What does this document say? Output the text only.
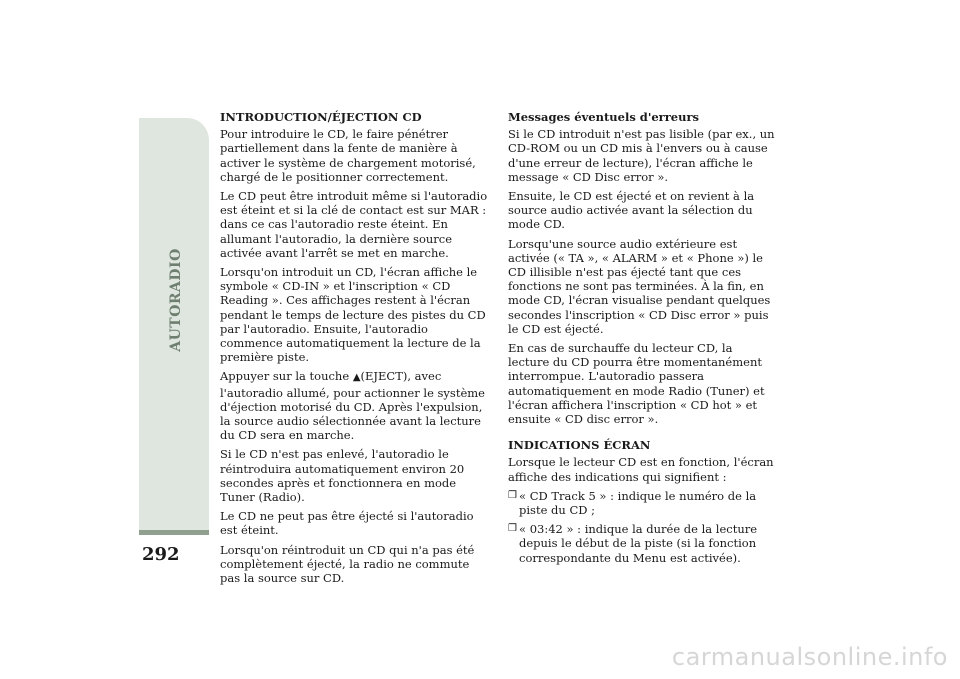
AUTORADIO
292
INTRODUCTION/ÉJECTION CD

Pour introduire le CD, le faire pénétrer partiellement dans la fente de manière à activer le système de chargement motorisé, chargé de le positionner correctement.

Le CD peut être introduit même si l'autoradio est éteint et si la clé de contact est sur MAR : dans ce cas l'autoradio reste éteint. En allumant l'autoradio, la dernière source activée avant l'arrêt se met en marche.

Lorsqu'on introduit un CD, l'écran affiche le symbole « CD-IN » et l'inscription « CD Reading ». Ces affichages restent à l'écran pendant le temps de lecture des pistes du CD par l'autoradio. Ensuite, l'autoradio commence automatiquement la lecture de la première piste.

Appuyer sur la touche ▲(EJECT), avec l'autoradio allumé, pour actionner le système d'éjection motorisé du CD. Après l'expulsion, la source audio sélectionnée avant la lecture du CD sera en marche.

Si le CD n'est pas enlevé, l'autoradio le réintroduira automatiquement environ 20 secondes après et fonctionnera en mode Tuner (Radio).

Le CD ne peut pas être éjecté si l'autoradio est éteint.

Lorsqu'on réintroduit un CD qui n'a pas été complètement éjecté, la radio ne commute pas la source sur CD.

Messages éventuels d'erreurs

Si le CD introduit n'est pas lisible (par ex., un CD-ROM ou un CD mis à l'envers ou à cause d'une erreur de lecture), l'écran affiche le message « CD Disc error ».

Ensuite, le CD est éjecté et on revient à la source audio activée avant la sélection du mode CD.

Lorsqu'une source audio extérieure est activée (« TA », « ALARM » et « Phone ») le CD illisible n'est pas éjecté tant que ces fonctions ne sont pas terminées. À la fin, en mode CD, l'écran visualise pendant quelques secondes l'inscription « CD Disc error » puis le CD est éjecté.

En cas de surchauffe du lecteur CD, la lecture du CD pourra être momentanément interrompue. L'autoradio passera automatiquement en mode Radio (Tuner) et l'écran affichera l'inscription « CD hot » et ensuite « CD disc error ».

INDICATIONS ÉCRAN

Lorsque le lecteur CD est en fonction, l'écran affiche des indications qui signifient :

❒ « CD Track 5 » : indique le numéro de la piste du CD ;
❒ « 03:42 » : indique la durée de la lecture depuis le début de la piste (si la fonction correspondante du Menu est activée).
carmanualsonline.info
